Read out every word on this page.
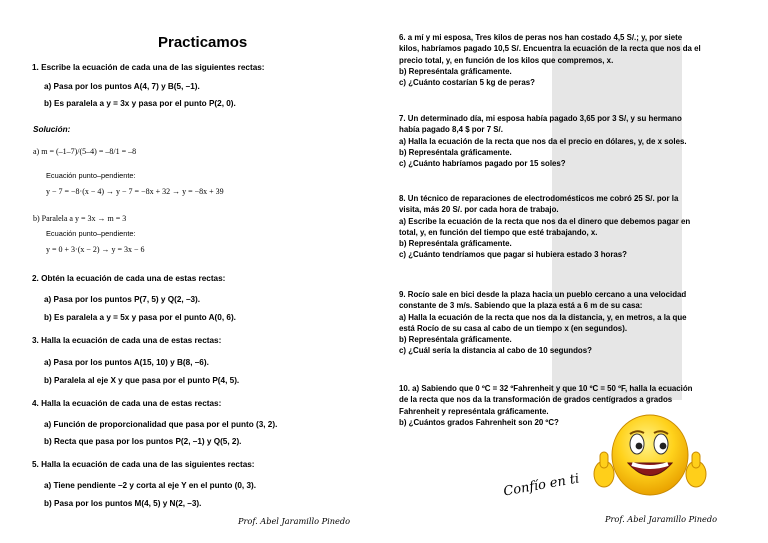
Practicamos
1. Escribe la ecuación de cada una de las siguientes rectas:
a) Pasa por los puntos A(4, 7) y B(5, –1).
b) Es paralela a y = 3x y pasa por el punto P(2, 0).
Solución:
a) m = (–1–7)/(5–4) = –8/1 = –8
Ecuación punto–pendiente:
y − 7 = −8·(x − 4) → y − 7 = −8x + 32 → y = −8x + 39
b) Paralela a y = 3x → m = 3
Ecuación punto–pendiente:
y = 0 + 3·(x − 2) → y = 3x − 6
2. Obtén la ecuación de cada una de estas rectas:
a) Pasa por los puntos P(7, 5) y Q(2, –3).
b) Es paralela a y = 5x y pasa por el punto A(0, 6).
3. Halla la ecuación de cada una de estas rectas:
a) Pasa por los puntos A(15, 10) y B(8, –6).
b) Paralela al eje X y que pasa por el punto P(4, 5).
4. Halla la ecuación de cada una de estas rectas:
a) Función de proporcionalidad que pasa por el punto (3, 2).
b) Recta que pasa por los puntos P(2, –1) y Q(5, 2).
5. Halla la ecuación de cada una de las siguientes rectas:
a) Tiene pendiente –2 y corta al eje Y en el punto (0, 3).
b) Pasa por los puntos M(4, 5) y N(2, –3).
Prof. Abel Jaramillo Pinedo
6. a mí y mi esposa, Tres kilos de peras nos han costado 4,5 S/.; y, por siete
kilos, habríamos pagado 10,5 S/. Encuentra la ecuación de la recta que nos da el
precio total, y, en función de los kilos que compremos, x.
b) Represéntala gráficamente.
c) ¿Cuánto costarían 5 kg de peras?
7. Un determinado día, mi esposa había pagado 3,65 por 3 S/, y su hermano
había pagado 8,4 $ por 7 S/.
a) Halla la ecuación de la recta que nos da el precio en dólares, y, de x soles.
b) Represéntala gráficamente.
c) ¿Cuánto habríamos pagado por 15 soles?
8. Un técnico de reparaciones de electrodomésticos me cobró 25 S/. por la
visita, más 20 S/. por cada hora de trabajo.
a) Escribe la ecuación de la recta que nos da el dinero que debemos pagar en
total, y, en función del tiempo que esté trabajando, x.
b) Represéntala gráficamente.
c) ¿Cuánto tendríamos que pagar si hubiera estado 3 horas?
9. Rocío sale en bici desde la plaza hacia un pueblo cercano a una velocidad
constante de 3 m/s. Sabiendo que la plaza está a 6 m de su casa:
a) Halla la ecuación de la recta que nos da la distancia, y, en metros, a la que
está Rocío de su casa al cabo de un tiempo x (en segundos).
b) Represéntala gráficamente.
c) ¿Cuál sería la distancia al cabo de 10 segundos?
10. a) Sabiendo que 0 ºC = 32 ºFahrenheit y que 10 ºC = 50 ºF, halla la ecuación
de la recta que nos da la transformación de grados centígrados a grados
Fahrenheit y represéntala gráficamente.
b) ¿Cuántos grados Fahrenheit son 20 ºC?
Confío en ti
Prof. Abel Jaramillo Pinedo
